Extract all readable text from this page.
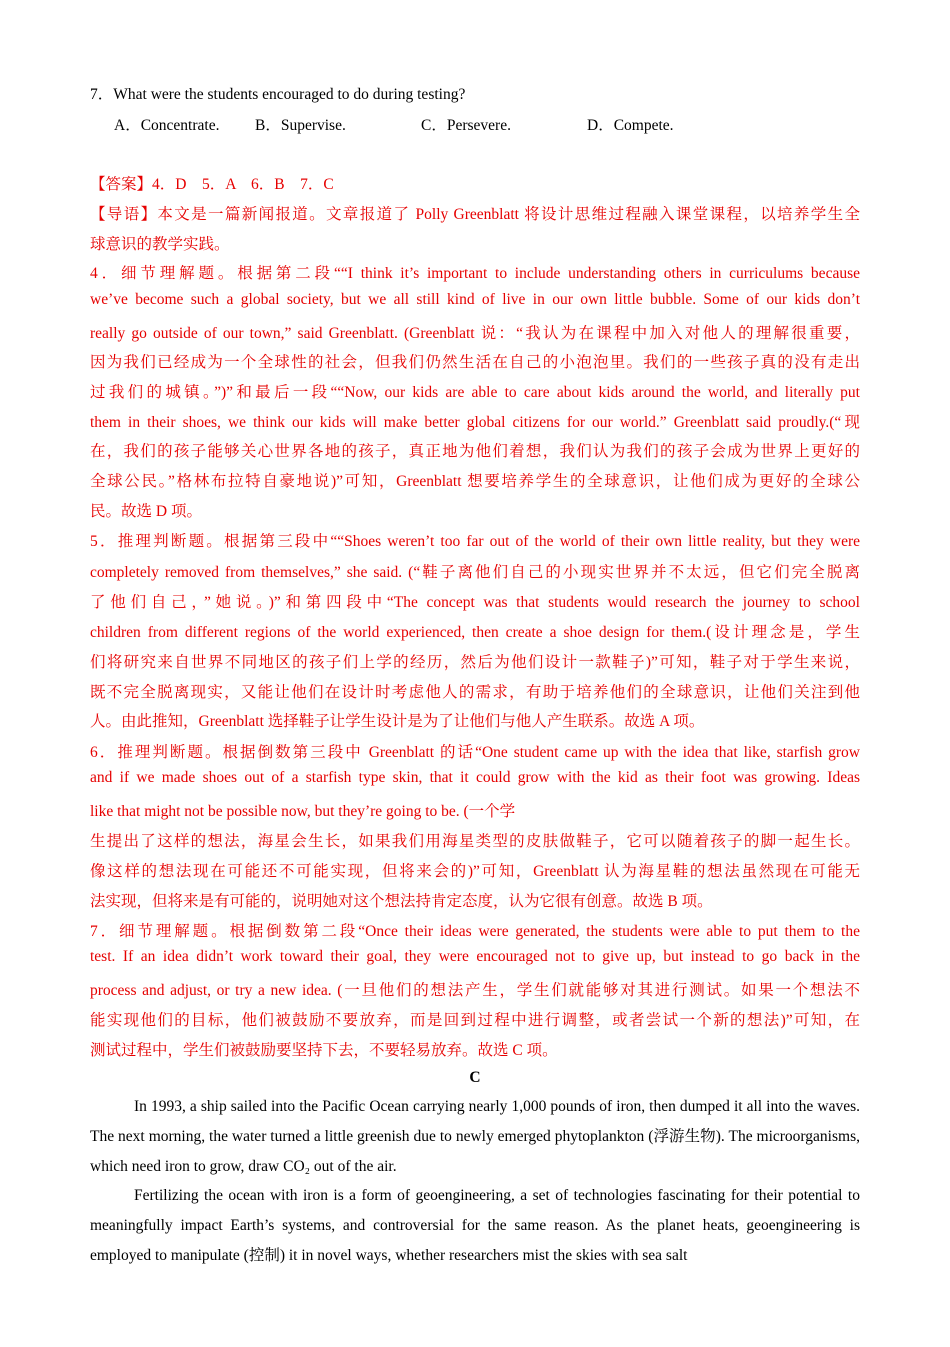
7．What were the students encouraged to do during testing?
A．Concentrate. B．Supervise.	C．Persevere.	D．Compete.
【答案】4．D　5．A　6．B　7．C
【导语】本文是一篇新闻报道。文章报道了 Polly Greenblatt 将设计思维过程融入课堂课程，以培养学生全
球意识的教学实践。
4．细节理解题。根据第二段““I think it’s important to include understanding others in curriculums because
we’ve become such a global society, but we all still kind of live in our own little bubble. Some of our kids don’t
really go outside of our town,” said Greenblatt. (Greenblatt 说：“我认为在课程中加入对他人的理解很重要，
因为我们已经成为一个全球性的社会，但我们仍然生活在自己的小泡泡里。我们的一些孩子真的没有走出
过我们的城镇。”)”和最后一段““Now, our kids are able to care about kids around the world, and literally put
them in their shoes, we think our kids will make better global citizens for our world.” Greenblatt said proudly.(“现
在，我们的孩子能够关心世界各地的孩子，真正地为他们着想，我们认为我们的孩子会成为世界上更好的
全球公民。”格林布拉特自豪地说)”可知，Greenblatt 想要培养学生的全球意识，让他们成为更好的全球公
民。故选 D 项。
5．推理判断题。根据第三段中““Shoes weren’t too far out of the world of their own little reality, but they were
completely removed from themselves,” she said. (“鞋子离他们自己的小现实世界并不太远，但它们完全脱离
了他们自己，”她说。)”和第四段中“The concept was that students would research the journey to school
children from different regions of the world experienced, then create a shoe design for them.(设计理念是，学生
们将研究来自世界不同地区的孩子们上学的经历，然后为他们设计一款鞋子)”可知，鞋子对于学生来说，
既不完全脱离现实，又能让他们在设计时考虑他人的需求，有助于培养他们的全球意识，让他们关注到他
人。由此推知，Greenblatt 选择鞋子让学生设计是为了让他们与他人产生联系。故选 A 项。
6．推理判断题。根据倒数第三段中 Greenblatt 的话“One student came up with the idea that like, starfish grow
and if we made shoes out of a starfish type skin, that it could grow with the kid as their foot was growing. Ideas
like that might not be possible now, but they’re going to be. (一个学
生提出了这样的想法，海星会生长，如果我们用海星类型的皮肤做鞋子，它可以随着孩子的脚一起生长。
像这样的想法现在可能还不可能实现，但将来会的)”可知，Greenblatt 认为海星鞋的想法虽然现在可能无
法实现，但将来是有可能的，说明她对这个想法持肯定态度，认为它很有创意。故选 B 项。
7．细节理解题。根据倒数第二段“Once their ideas were generated, the students were able to put them to the
test. If an idea didn’t work toward their goal, they were encouraged not to give up, but instead to go back in the
process and adjust, or try a new idea. (一旦他们的想法产生，学生们就能够对其进行测试。如果一个想法不
能实现他们的目标，他们被鼓励不要放弃，而是回到过程中进行调整，或者尝试一个新的想法)”可知，在
测试过程中，学生们被鼓励要坚持下去，不要轻易放弃。故选 C 项。
C

In 1993, a ship sailed into the Pacific Ocean carrying nearly 1,000 pounds of iron, then dumped it all into the waves. The next morning, the water turned a little greenish due to newly emerged phytoplankton (浮游生物). The microorganisms, which need iron to grow, draw CO₂ out of the air.

Fertilizing the ocean with iron is a form of geoengineering, a set of technologies fascinating for their potential to meaningfully impact Earth’s systems, and controversial for the same reason. As the planet heats, geoengineering is employed to manipulate (控制) it in novel ways, whether researchers mist the skies with sea salt
